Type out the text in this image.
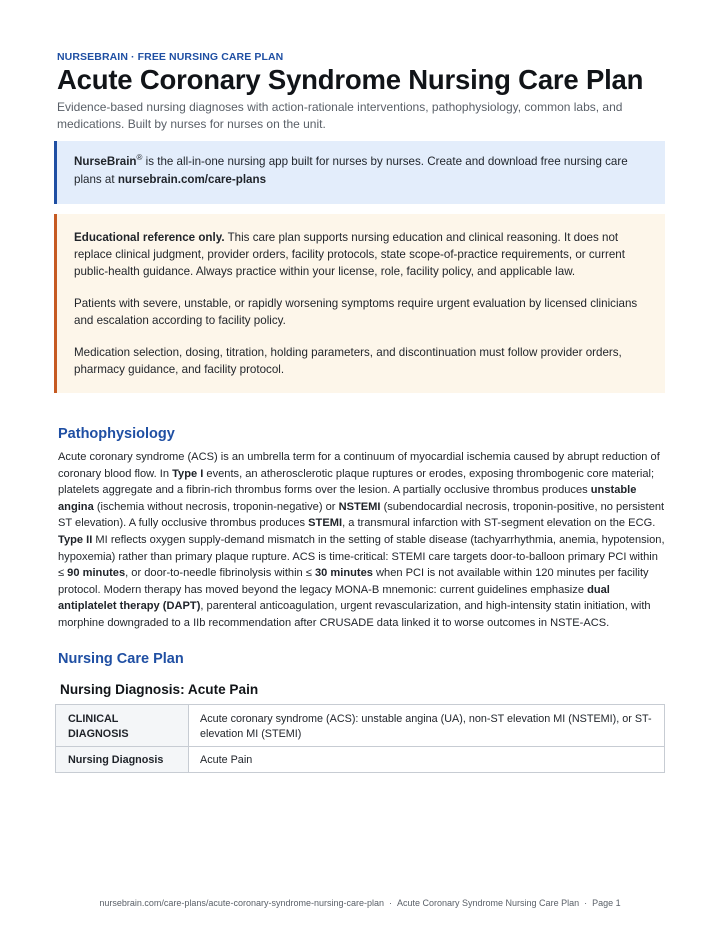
NURSEBRAIN · FREE NURSING CARE PLAN
Acute Coronary Syndrome Nursing Care Plan
Evidence-based nursing diagnoses with action-rationale interventions, pathophysiology, common labs, and medications. Built by nurses for nurses on the unit.
NurseBrain® is the all-in-one nursing app built for nurses by nurses. Create and download free nursing care plans at nursebrain.com/care-plans

Educational reference only. This care plan supports nursing education and clinical reasoning. It does not replace clinical judgment, provider orders, facility protocols, state scope-of-practice requirements, or current public-health guidance. Always practice within your license, role, facility policy, and applicable law.

Patients with severe, unstable, or rapidly worsening symptoms require urgent evaluation by licensed clinicians and escalation according to facility policy.

Medication selection, dosing, titration, holding parameters, and discontinuation must follow provider orders, pharmacy guidance, and facility protocol.

Pathophysiology
Acute coronary syndrome (ACS) is an umbrella term for a continuum of myocardial ischemia caused by abrupt reduction of coronary blood flow. In Type I events, an atherosclerotic plaque ruptures or erodes, exposing thrombogenic core material; platelets aggregate and a fibrin-rich thrombus forms over the lesion. A partially occlusive thrombus produces unstable angina (ischemia without necrosis, troponin-negative) or NSTEMI (subendocardial necrosis, troponin-positive, no persistent ST elevation). A fully occlusive thrombus produces STEMI, a transmural infarction with ST-segment elevation on the ECG. Type II MI reflects oxygen supply-demand mismatch in the setting of stable disease (tachyarrhythmia, anemia, hypotension, hypoxemia) rather than primary plaque rupture. ACS is time-critical: STEMI care targets door-to-balloon primary PCI within ≤ 90 minutes, or door-to-needle fibrinolysis within ≤ 30 minutes when PCI is not available within 120 minutes per facility protocol. Modern therapy has moved beyond the legacy MONA-B mnemonic: current guidelines emphasize dual antiplatelet therapy (DAPT), parenteral anticoagulation, urgent revascularization, and high-intensity statin initiation, with morphine downgraded to a IIb recommendation after CRUSADE data linked it to worse outcomes in NSTE-ACS.
Nursing Care Plan
Nursing Diagnosis: Acute Pain
CLINICAL DIAGNOSIS	Acute coronary syndrome (ACS): unstable angina (UA), non-ST elevation MI (NSTEMI), or ST-elevation MI (STEMI)
Nursing Diagnosis	Acute Pain
nursebrain.com/care-plans/acute-coronary-syndrome-nursing-care-plan · Acute Coronary Syndrome Nursing Care Plan · Page 1
